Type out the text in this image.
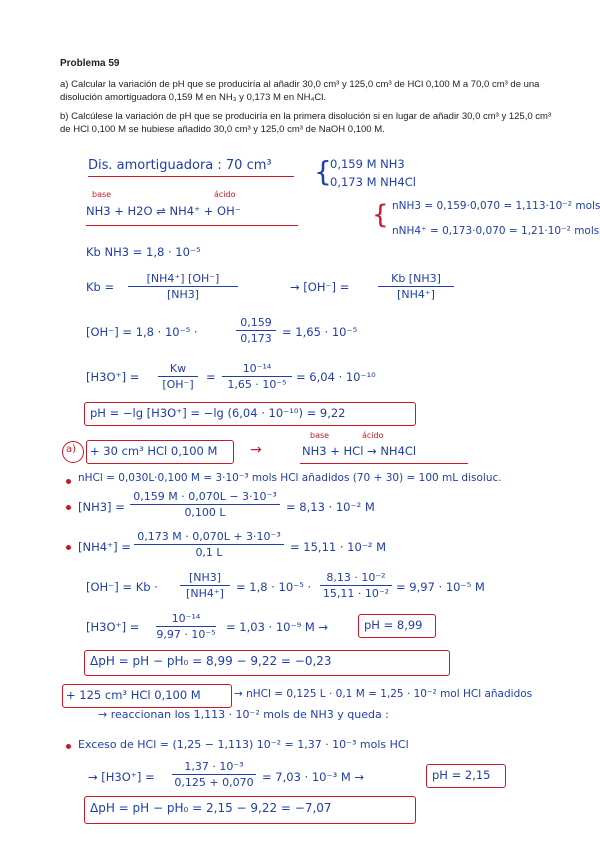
Problema 59
a) Calcular la variación de pH que se produciría al añadir 30,0 cm³ y 125,0 cm³ de HCl 0,100 M a 70,0 cm³ de una disolución amortiguadora 0,159 M en NH₃ y 0,173 M en NH₄Cl.
b) Calcúlese la variación de pH que se produciría en la primera disolución si en lugar de añadir 30,0 cm³ y 125,0 cm³ de HCl 0,100 M se hubiese añadido 30,0 cm³ y 125,0 cm³ de NaOH 0,100 M.
Dis. amortiguadora : 70 cm³ {
0,159 M NH3
0,173 M NH4Cl
base	ácido
NH3 + H2O ⇌ NH4⁺ + OH⁻	{ nNH3 = 0,159·0,070 = 1,113·10⁻² mols
nNH4⁺ = 0,173·0,070 = 1,21·10⁻² mols
Kb NH3 = 1,8 · 10⁻⁵
Kb =
[NH4⁺] [OH⁻]
[NH3]
→ [OH⁻] =
Kb [NH3]
[NH4⁺]
[OH⁻] = 1,8 · 10⁻⁵ ·
0,159
0,173 = 1,65 · 10⁻⁵
[H3O⁺] =
Kw
[OH⁻]
=
10⁻¹⁴
1,65 · 10⁻⁵
= 6,04 · 10⁻¹⁰
pH = −lg [H3O⁺] = −lg (6,04 · 10⁻¹⁰) = 9,22
a) + 30 cm³ HCl 0,100 M →
base	ácido
NH3 + HCl → NH4Cl
nHCl = 0,030L·0,100 M = 3·10⁻³ mols HCl añadidos (70 + 30) = 100 mL disoluc.
[NH3] =
0,159 M · 0,070L − 3·10⁻³
0,100 L	= 8,13 · 10⁻² M
[NH4⁺] =
0,173 M · 0,070L + 3·10⁻³
0,1 L	= 15,11 · 10⁻² M
[OH⁻] = Kb ·
[NH3]
[NH4⁺]	= 1,8 · 10⁻⁵ ·
8,13 · 10⁻²
15,11 · 10⁻² = 9,97 · 10⁻⁵ M
[H3O⁺] =
10⁻¹⁴
9,97 · 10⁻⁵
= 1,03 · 10⁻⁹ M →	pH = 8,99
ΔpH = pH − pH₀ = 8,99 − 9,22 = −0,23
+ 125 cm³ HCl 0,100 M	→ nHCl = 0,125 L · 0,1 M = 1,25 · 10⁻² mol HCl añadidos
→ reaccionan los 1,113 · 10⁻² mols de NH3 y queda :
Exceso de HCl = (1,25 − 1,113) 10⁻² = 1,37 · 10⁻³ mols HCl
→ [H3O⁺] =
1,37 · 10⁻³
0,125 + 0,070 = 7,03 · 10⁻³ M →	pH = 2,15
ΔpH = pH − pH₀ = 2,15 − 9,22 = −7,07
